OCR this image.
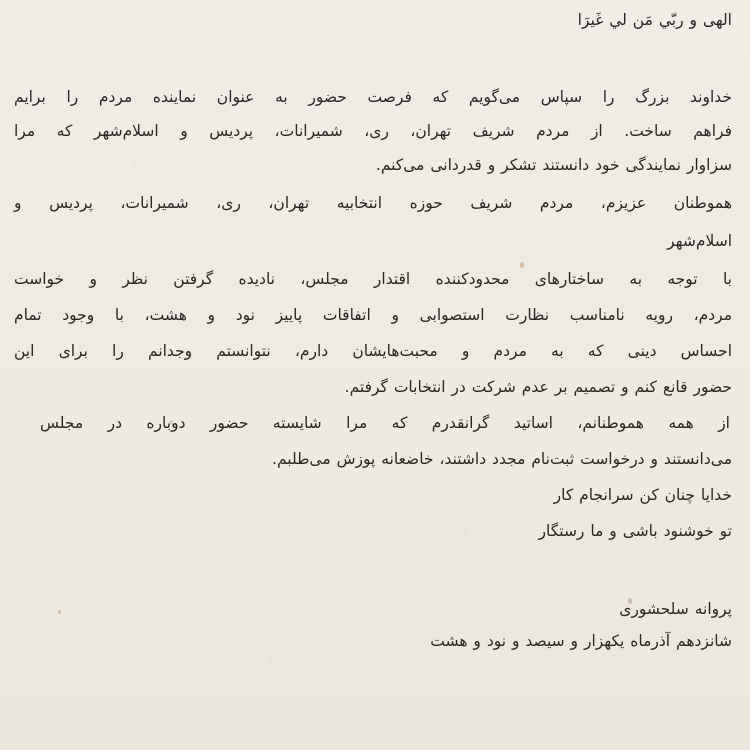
الهی و ربّي مَن لي غَيرَا
خداوند بزرگ را سپاس می‌گویم که فرصت حضور به عنوان نماینده مردم را برایم
فراهم ساخت. از مردم شریف تهران، ری، شمیرانات، پردیس و اسلام‌شهر که مرا
سزاوار نمایندگی خود دانستند تشکر و قدردانی می‌کنم.
هموطنان عزیزم، مردم شریف حوزه انتخابیه تهران، ری، شمیرانات، پردیس و
اسلام‌شهر
با توجه به ساختارهای محدودکننده اقتدار مجلس، نادیده گرفتن نظر و خواست
مردم، رویه نامناسب نظارت استصوابی و اتفاقات پاییز نود و هشت، با وجود تمام
احساس دینی که به مردم و محبت‌هایشان دارم، نتوانستم وجدانم را برای این
حضور قانع کنم و تصمیم بر عدم شرکت در انتخابات گرفتم.
از همه هموطنانم، اساتید گرانقدرم که مرا شایسته حضور دوباره در مجلس
می‌دانستند و درخواست ثبت‌نام مجدد داشتند، خاضعانه پوزش می‌طلبم.
خدایا چنان کن سرانجام کار
تو خوشنود باشی و ما رستگار
پروانه سلحشوری
شانزدهم آذرماه یکهزار و سیصد و نود و هشت
